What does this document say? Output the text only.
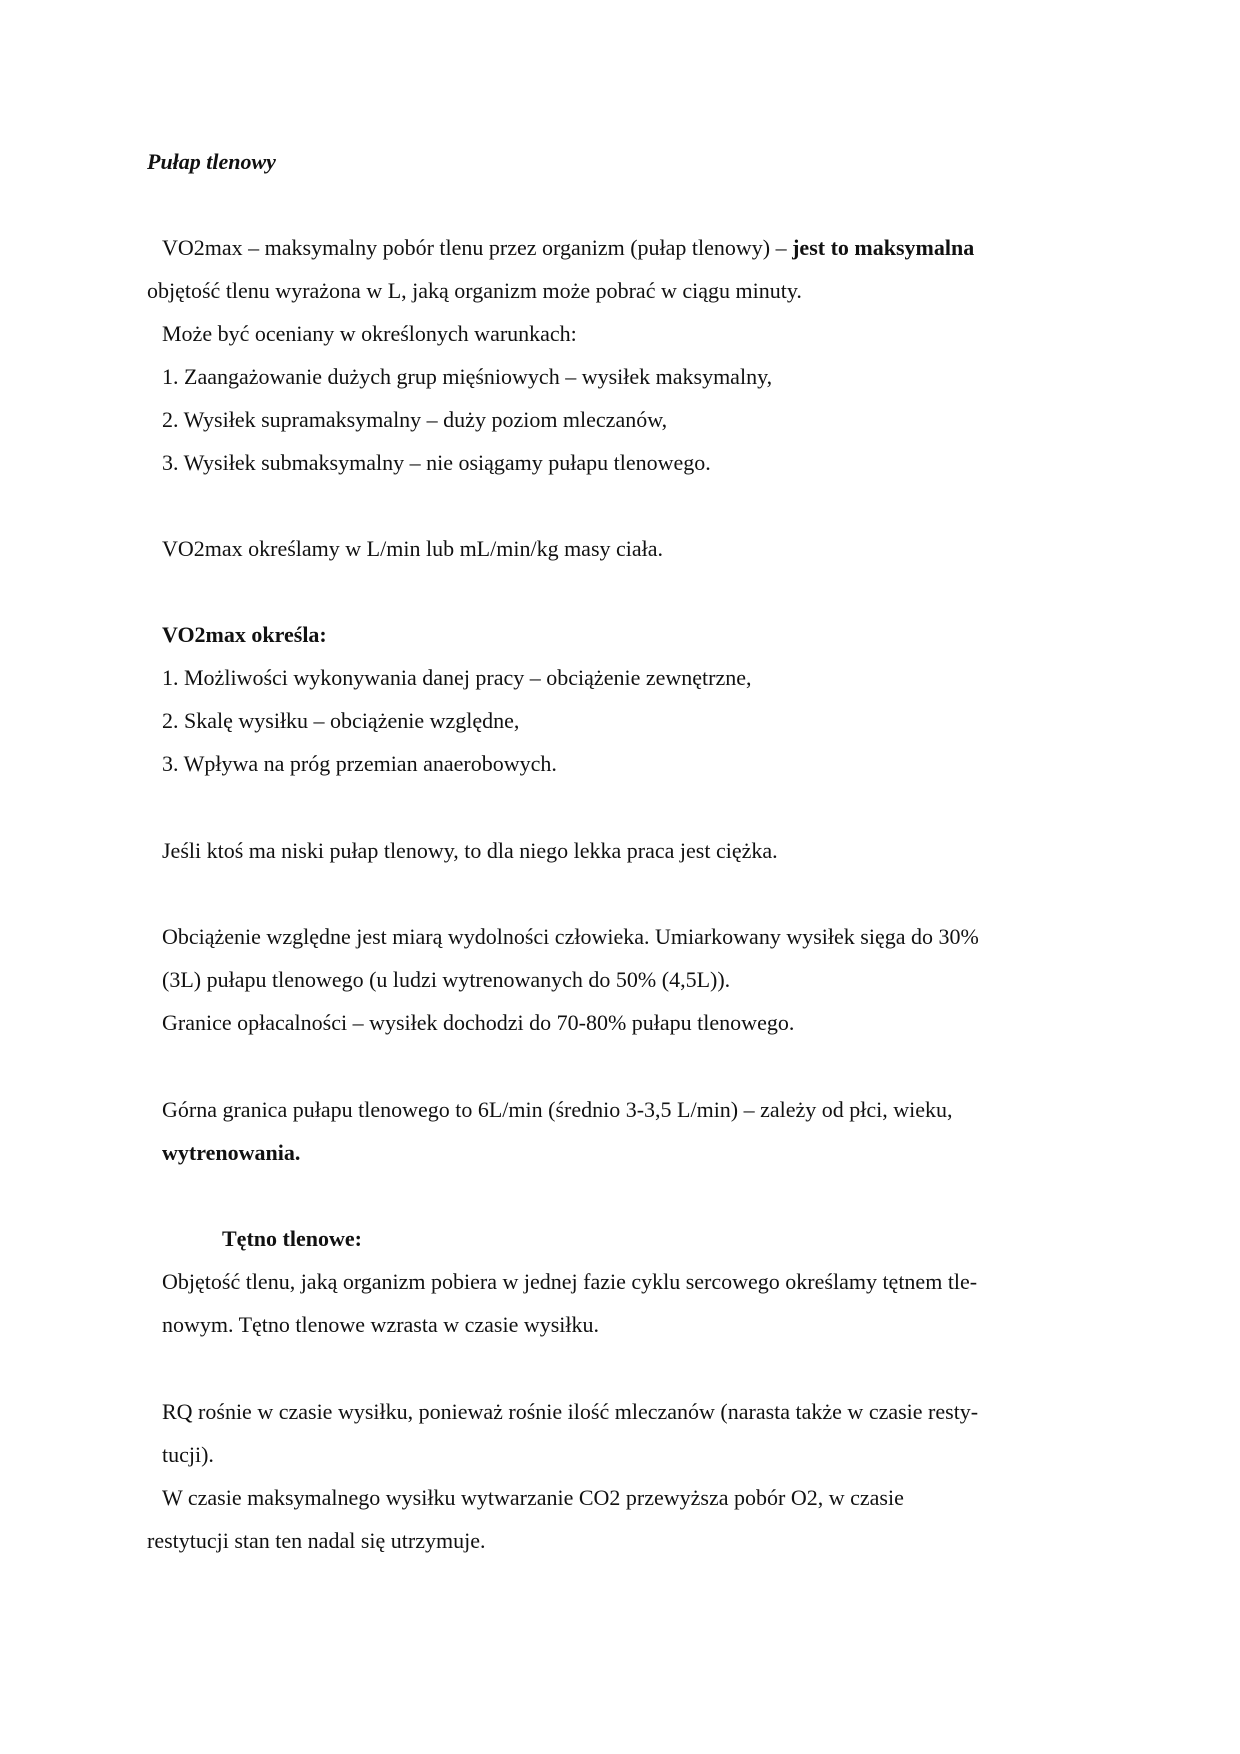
Pułap tlenowy
VO2max – maksymalny pobór tlenu przez organizm (pułap tlenowy) – jest to maksymalna
objętość tlenu wyrażona w L, jaką organizm może pobrać w ciągu minuty.
Może być oceniany w określonych warunkach:
1. Zaangażowanie dużych grup mięśniowych – wysiłek maksymalny,
2. Wysiłek supramaksymalny – duży poziom mleczanów,
3. Wysiłek submaksymalny – nie osiągamy pułapu tlenowego.
VO2max określamy w L/min lub mL/min/kg masy ciała.
VO2max określa:
1. Możliwości wykonywania danej pracy – obciążenie zewnętrzne,
2. Skalę wysiłku – obciążenie względne,
3. Wpływa na próg przemian anaerobowych.
Jeśli ktoś ma niski pułap tlenowy, to dla niego lekka praca jest ciężka.
Obciążenie względne jest miarą wydolności człowieka. Umiarkowany wysiłek sięga do 30%
(3L) pułapu tlenowego (u ludzi wytrenowanych do 50% (4,5L)).
Granice opłacalności – wysiłek dochodzi do 70-80% pułapu tlenowego.
Górna granica pułapu tlenowego to 6L/min (średnio 3-3,5 L/min) – zależy od płci, wieku,
wytrenowania.
Tętno tlenowe:
Objętość tlenu, jaką organizm pobiera w jednej fazie cyklu sercowego określamy tętnem tle-
nowym. Tętno tlenowe wzrasta w czasie wysiłku.
RQ rośnie w czasie wysiłku, ponieważ rośnie ilość mleczanów (narasta także w czasie resty-
tucji).
W czasie maksymalnego wysiłku wytwarzanie CO2 przewyższa pobór O2, w czasie
restytucji stan ten nadal się utrzymuje.
